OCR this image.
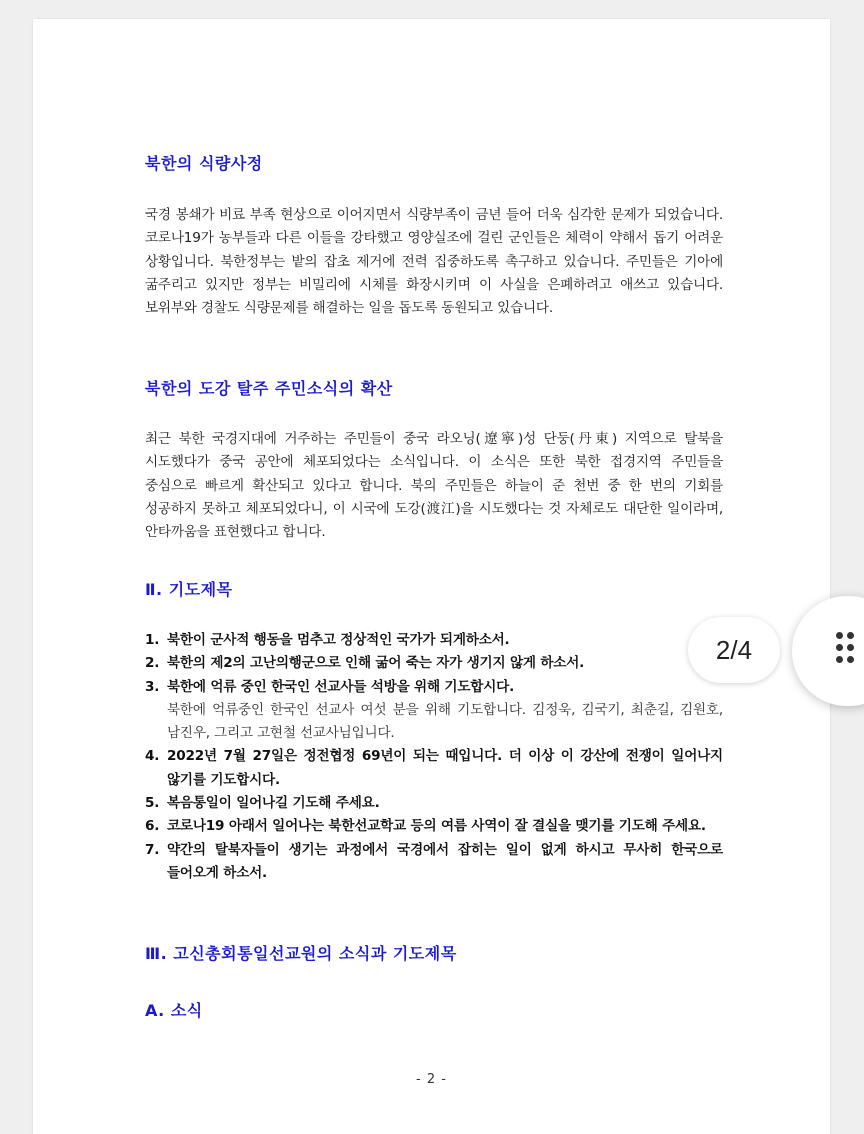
북한의 식량사정
국경 봉쇄가 비료 부족 현상으로 이어지면서 식량부족이 금년 들어 더욱 심각한 문제가 되었습니다. 코로나19가 농부들과 다른 이들을 강타했고 영양실조에 걸린 군인들은 체력이 약해서 돕기 어려운 상황입니다. 북한정부는 밭의 잡초 제거에 전력 집중하도록 촉구하고 있습니다. 주민들은 기아에 굶주리고 있지만 정부는 비밀리에 시체를 화장시키며 이 사실을 은폐하려고 애쓰고 있습니다. 보위부와 경찰도 식량문제를 해결하는 일을 돕도록 동원되고 있습니다.
북한의 도강 탈주 주민소식의 확산
최근 북한 국경지대에 거주하는 주민들이 중국 라오닝(遼寧)성 단둥(丹東) 지역으로 탈북을 시도했다가 중국 공안에 체포되었다는 소식입니다. 이 소식은 또한 북한 접경지역 주민들을 중심으로 빠르게 확산되고 있다고 합니다. 북의 주민들은 하늘이 준 천번 중 한 번의 기회를 성공하지 못하고 체포되었다니, 이 시국에 도강(渡江)을 시도했다는 것 자체로도 대단한 일이라며, 안타까움을 표현했다고 합니다.
Ⅱ. 기도제목
1. 북한이 군사적 행동을 멈추고 정상적인 국가가 되게하소서.
2. 북한의 제2의 고난의행군으로 인해 굶어 죽는 자가 생기지 않게 하소서.
3. 북한에 억류 중인 한국인 선교사들 석방을 위해 기도합시다.
북한에 억류중인 한국인 선교사 여섯 분을 위해 기도합니다. 김정욱, 김국기, 최춘길, 김원호, 남진우, 그리고 고현철 선교사님입니다.
4. 2022년 7월 27일은 정전협정 69년이 되는 때입니다. 더 이상 이 강산에 전쟁이 일어나지 않기를 기도합시다.
5. 복음통일이 일어나길 기도해 주세요.
6. 코로나19 아래서 일어나는 북한선교학교 등의 여름 사역이 잘 결실을 맺기를 기도해 주세요.
7. 약간의 탈북자들이 생기는 과정에서 국경에서 잡히는 일이 없게 하시고 무사히 한국으로 들어오게 하소서.
Ⅲ. 고신총회통일선교원의 소식과 기도제목
A. 소식
- 2 -
2/4
